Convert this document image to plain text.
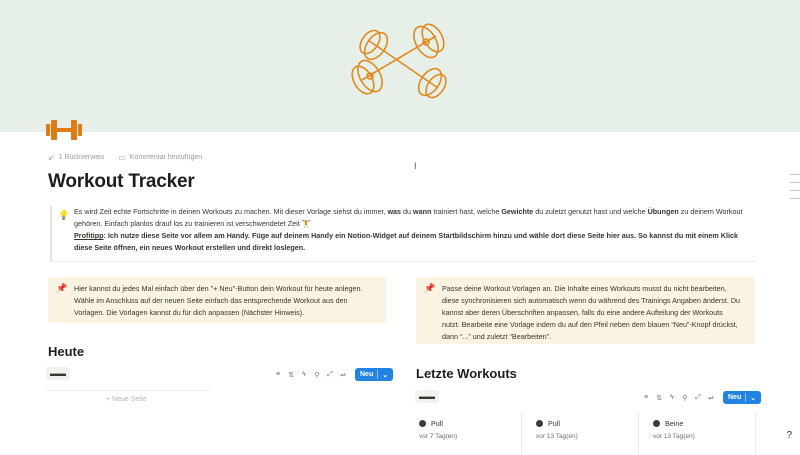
↙ 1 Rückverweis ▭ Kommentar hinzufügen
I
Workout Tracker
💡 Es wird Zeit echte Fortschritte in deinen Workouts zu machen. Mit dieser Vorlage siehst du immer, was du wann trainiert hast, welche Gewichte du zuletzt genutzt hast und welche Übungen zu deinem Workout gehören. Einfach planlos drauf los zu trainieren ist verschwendetet Zeit 🏋
Profitipp: Ich nutze diese Seite vor allem am Handy. Füge auf deinem Handy ein Notion-Widget auf deinem Startbildschirm hinzu und wähle dort diese Seite hier aus. So kannst du mit einem Klick diese Seite öffnen, ein neues Workout erstellen und direkt loslegen.
📌 Hier kannst du jedes Mal einfach über den "+ Neu"-Button dein Workout für heute anlegen. Wähle im Anschluss auf der neuen Seite einfach das entsprechende Workout aus den Vorlagen. Die Vorlagen kannst du für dich anpassen (Nächster Hinweis).
📌 Passe deine Workout Vorlagen an. Die Inhalte eines Workouts musst du nicht bearbeiten, diese synchronisieren sich automatisch wenn du während des Trainings Angaben änderst. Du kannst aber deren Überschriften anpassen, falls du eine andere Aufteilung der Workouts nutzt. Bearbeite eine Vorlage indem du auf den Pfeil neben dem blauen “Neu”-Knopf drückst, dann “...” und zuletzt “Bearbeiten”.
Heute
▬▬	≡ ⇅	ϟ	⚲ ⤢ ⇌ Neu ⌄
+ Neue Seite
Letzte Workouts
▬▬	≡ ⇅	ϟ	⚲ ⤢ ⇌ Neu ⌄
Pull
vor 7 Tag(en)
Pull
vor 13 Tag(en)
Beine
vor 13 Tag(en)	?
